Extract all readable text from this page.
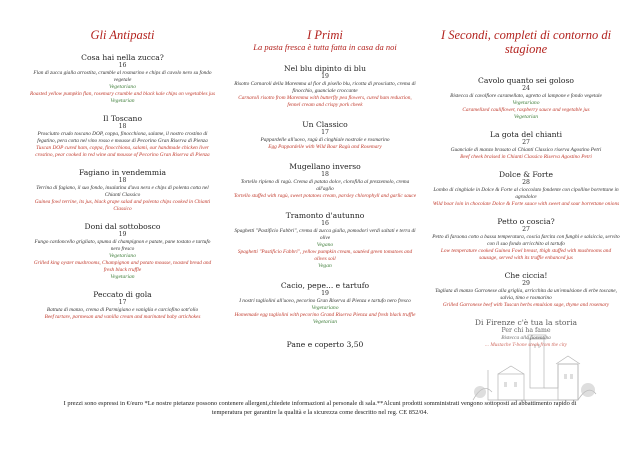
Gli Antipasti

Cosa hai nella zucca?
16
Flan di zucca gialla arrostita, crumble al rosmarino e chips di cavolo nero su fondo vegetale
Vegetariano
Roasted yellow pumpkin flan, rosemary crumble and black kale chips on vegetables jus
Vegetarian
Il Toscano
18
Prosciutto crudo toscano DOP, coppa, finocchiona, salame, il nostro crostino di fegatino, pera cotta nel vino rosso e mousse di Pecorino Gran Riserva di Pienza
Tuscan DOP cured ham, coppa, finocchiona, salami, our handmade chicken liver crostino, pear cooked in red wine and mousse of Pecorino Gran Riserva di Pienza
Fagiano in vendemmia
18
Terrina di fagiano, il suo fondo, insalatina d'uva nera e chips di polenta cotta nel Chianti Classico
Guinea fowl terrine, its jus, black grape salad and polenta chips cooked in Chianti Classico
Doni dal sottobosco
19
Fungo cardoncello grigliato, spuma di champignon e patate, pane tostato e tartufo nero fresco
Vegetariano
Grilled king oyster mushrooms, Champignon and potato mousse, toasted bread and fresh black truffle
Vegetarian
Peccato di gola
17
Battuta di manzo, crema di Parmigiano e vaniglia e carciofino sott'olio
Beef tartare, parmesan and vanilla cream and marinated baby artichokes

I Primi

La pasta fresca è tutta fatta in casa da noi

Nel blu dipinto di blu
19
Risotto Carnaroli della Maremma al fior di pisello blu, ricotta di prosciutto, crema di finocchio, guanciale croccante
Carnaroli risotto from Maremma with butterfly pea flowers, cured ham reduction, fennel cream and crispy pork cheek
Un Classico
17
Pappardelle all'uovo, ragù di cinghiale nostrale e rosmarino
Egg Pappardelle with Wild Boar Ragù and Rosemary
Mugellano inverso
18
Tortello ripieno di ragù. Crema di patata dolce, clorofilla al prezzemolo, crema all'aglio
Tortello stuffed with ragù, sweet potatoes cream, parsley chlorophyll and garlic sauce
Tramonto d'autunno
16
Spaghetti "Pastificio Fabbri", crema di zucca gialla, pomodori verdi saltati e terra di olive
Vegano
Spaghetti "Pastificio Fabbri", yellow pumpkin cream, sautéed green tomatoes and olives soil
Vegan
Cacio, pepe... e tartufo
19
I nostri tagliolini all'uovo, pecorino Gran Riserva di Pienza e tartufo nero fresco
Vegetariano
Homemade egg tagliolini with pecorino Grand Riserva Pienza and fresh black truffle
Vegetarian
Pane e coperto 3,50

I Secondi, completi di contorno di stagione

Cavolo quanto sei goloso
24
Bistecca di cavolfiore caramellato, agretto al lampone e fondo vegetale
Vegetariano
Caramelized cauliflower, raspberry sauce and vegetable jus
Vegetarian
La gota del chianti
27
Guanciale di manzo brasato al Chianti Classico riserva Agostino Petri
Beef cheek braised in Chianti Classico Riserva Agostino Petri
Dolce & Forte
28
Lombo di cinghiale in Dolce & Forte al cioccolato fondente con cipolline borrettane in agrodolce
Wild boar loin in chocolate Dolce & Forte sauce with sweet and sour borrettane onions
Petto o coscia?
27
Petto di faraona cotto a bassa temperatura, coscia farcita con funghi e salsiccia, servito con il suo fondo arricchito al tartufo
Low temperature cooked Guinea Fowl breast, thigh stuffed with mushrooms and sausage, served with its truffle enhanced jus
Che ciccia!
29
Tagliata di manzo Garronese alla griglia, arricchita da un'emulsione di erbe toscane, salvia, timo e rosmarino
Grilled Garronese beef with Tuscan herbs emulsion sage, thyme and rosemary
Di Firenze c'è tua la storia
Per chi ha fame
Bistecca alla fiorentina
... Mustache T-bone steak from the city
I prezzi sono espressi in €/euro *Le nostre pietanze possono contenere allergeni,chiedete informazioni al personale di sala.**Alcuni prodotti somministrati vengono sottoposti ad abbattimento rapido di
temperatura per garantire la qualità e la sicurezza come descritto nel reg. CE 852/04.
